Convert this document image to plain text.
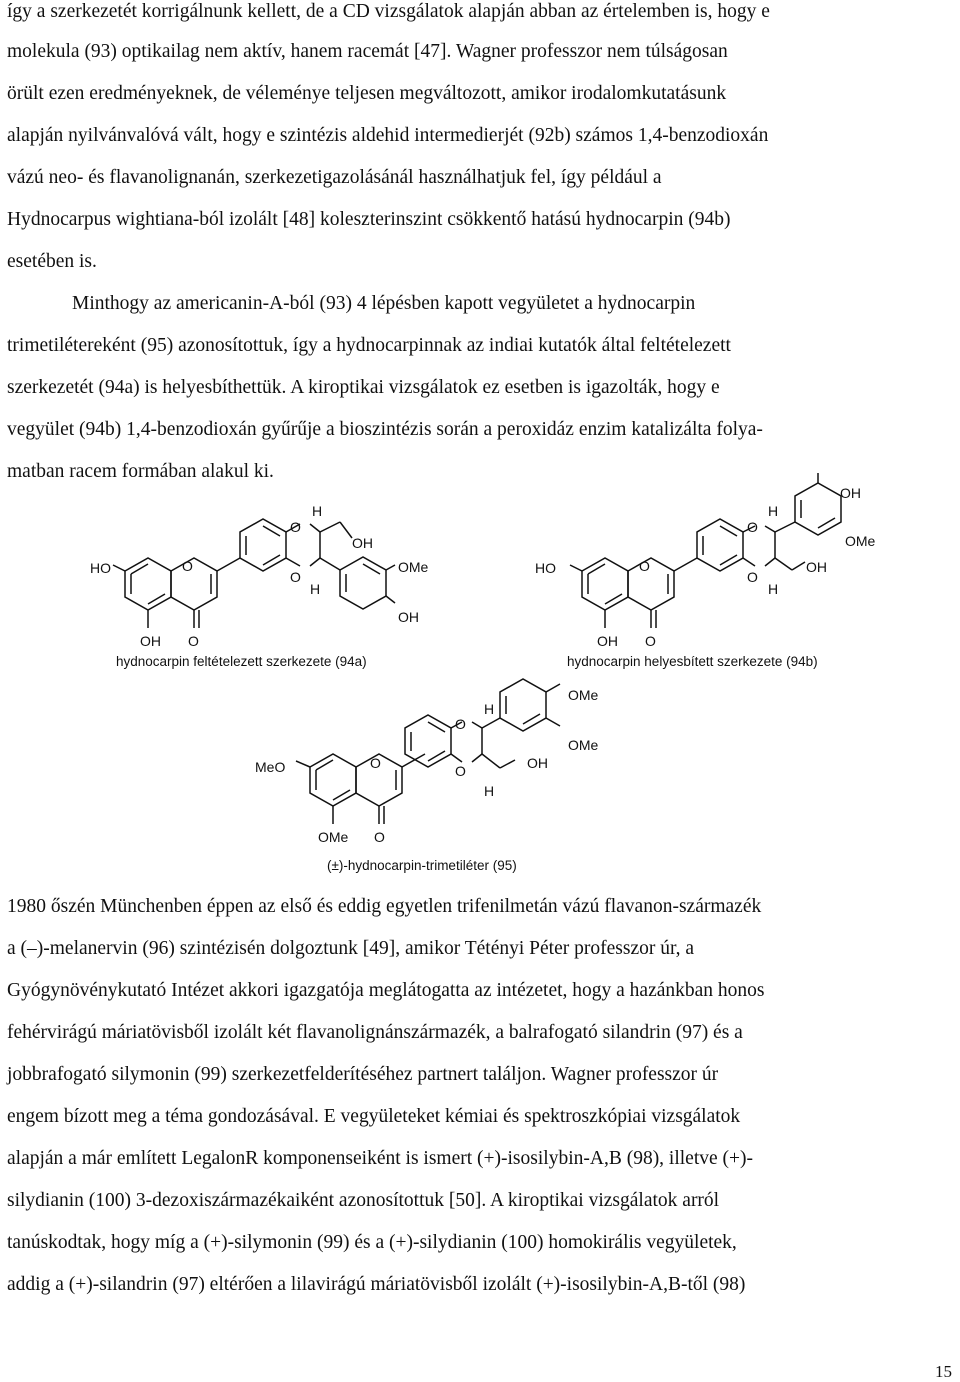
így a szerkezetét korrigálnunk kellett, de a CD vizsgálatok alapján abban az értelemben is, hogy e
molekula (93) optikailag nem aktív, hanem racemát [47]. Wagner professzor nem túlságosan
örült ezen eredményeknek, de véleménye teljesen megváltozott, amikor irodalomkutatásunk
alapján nyilvánvalóvá vált, hogy e szintézis aldehid intermedierjét (92b) számos 1,4-benzodioxán
vázú neo- és flavanolignanán, szerkezetigazolásánál használhatjuk fel, így például a
Hydnocarpus wightiana-ból izolált [48] koleszterinszint csökkentő hatású hydnocarpin (94b)
esetében is.
Minthogy az americanin-A-ból (93) 4 lépésben kapott vegyületet a hydnocarpin
trimetilétereként (95) azonosítottuk, így a hydnocarpinnak az indiai kutatók által feltételezett
szerkezetét (94a) is helyesbíthettük. A kiroptikai vizsgálatok ez esetben is igazolták, hogy e
vegyület (94b) 1,4-benzodioxán gyűrűje a bioszintézis során a peroxidáz enzim katalizálta folya-
matban racem formában alakul ki.
HO	O
O
O
H
H
OH
OMe
OH
OH O
HO	O
O
O
H
H
OH
OH
OMe
OH O
MeO	O
O
O
H
H
OH
OMe
OMe
OMe O
hydnocarpin feltételezett szerkezete (94a)	hydnocarpin helyesbített szerkezete (94b)
(±)-hydnocarpin-trimetiléter (95)
1980 őszén Münchenben éppen az első és eddig egyetlen trifenilmetán vázú flavanon-származék
a (–)-melanervin (96) szintézisén dolgoztunk [49], amikor Tétényi Péter professzor úr, a
Gyógynövénykutató Intézet akkori igazgatója meglátogatta az intézetet, hogy a hazánkban honos
fehérvirágú máriatövisből izolált két flavanolignánszármazék, a balrafogató silandrin (97) és a
jobbrafogató silymonin (99) szerkezetfelderítéséhez partnert találjon. Wagner professzor úr
engem bízott meg a téma gondozásával. E vegyületeket kémiai és spektroszkópiai vizsgálatok
alapján a már említett LegalonR komponenseiként is ismert (+)-isosilybin-A,B (98), illetve (+)-
silydianin (100) 3-dezoxiszármazékaiként azonosítottuk [50]. A kiroptikai vizsgálatok arról
tanúskodtak, hogy míg a (+)-silymonin (99) és a (+)-silydianin (100) homokirális vegyületek,
addig a (+)-silandrin (97) eltérően a lilavirágú máriatövisből izolált (+)-isosilybin-A,B-től (98)
15
